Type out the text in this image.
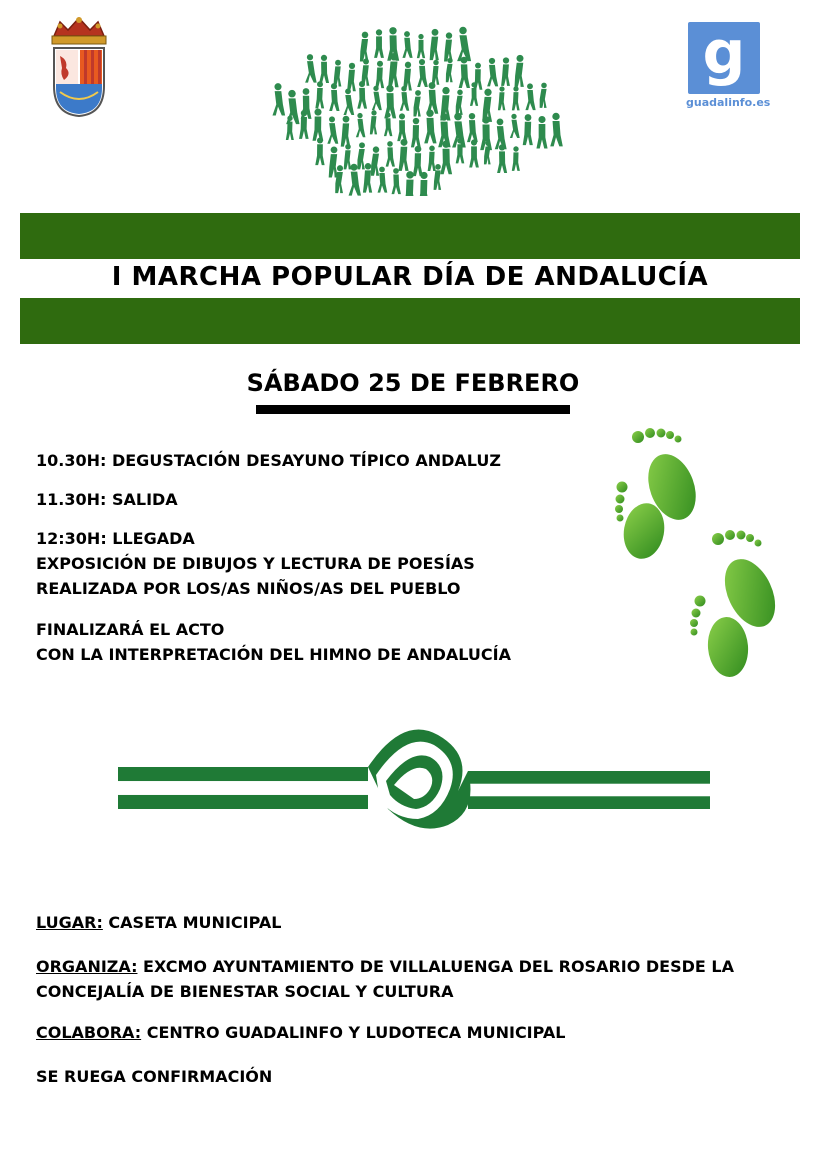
g
guadalinfo.es
I MARCHA POPULAR DÍA DE ANDALUCÍA
SÁBADO 25 DE FEBRERO
10.30H: DEGUSTACIÓN DESAYUNO TÍPICO ANDALUZ
11.30H: SALIDA
12:30H: LLEGADA
EXPOSICIÓN DE DIBUJOS Y LECTURA DE POESÍAS
REALIZADA POR LOS/AS NIÑOS/AS DEL PUEBLO
FINALIZARÁ EL ACTO
CON LA INTERPRETACIÓN DEL HIMNO DE ANDALUCÍA
LUGAR: CASETA MUNICIPAL
ORGANIZA: EXCMO AYUNTAMIENTO DE VILLALUENGA DEL ROSARIO DESDE LA
CONCEJALÍA DE BIENESTAR SOCIAL Y CULTURA
COLABORA: CENTRO GUADALINFO Y LUDOTECA MUNICIPAL
SE RUEGA CONFIRMACIÓN
